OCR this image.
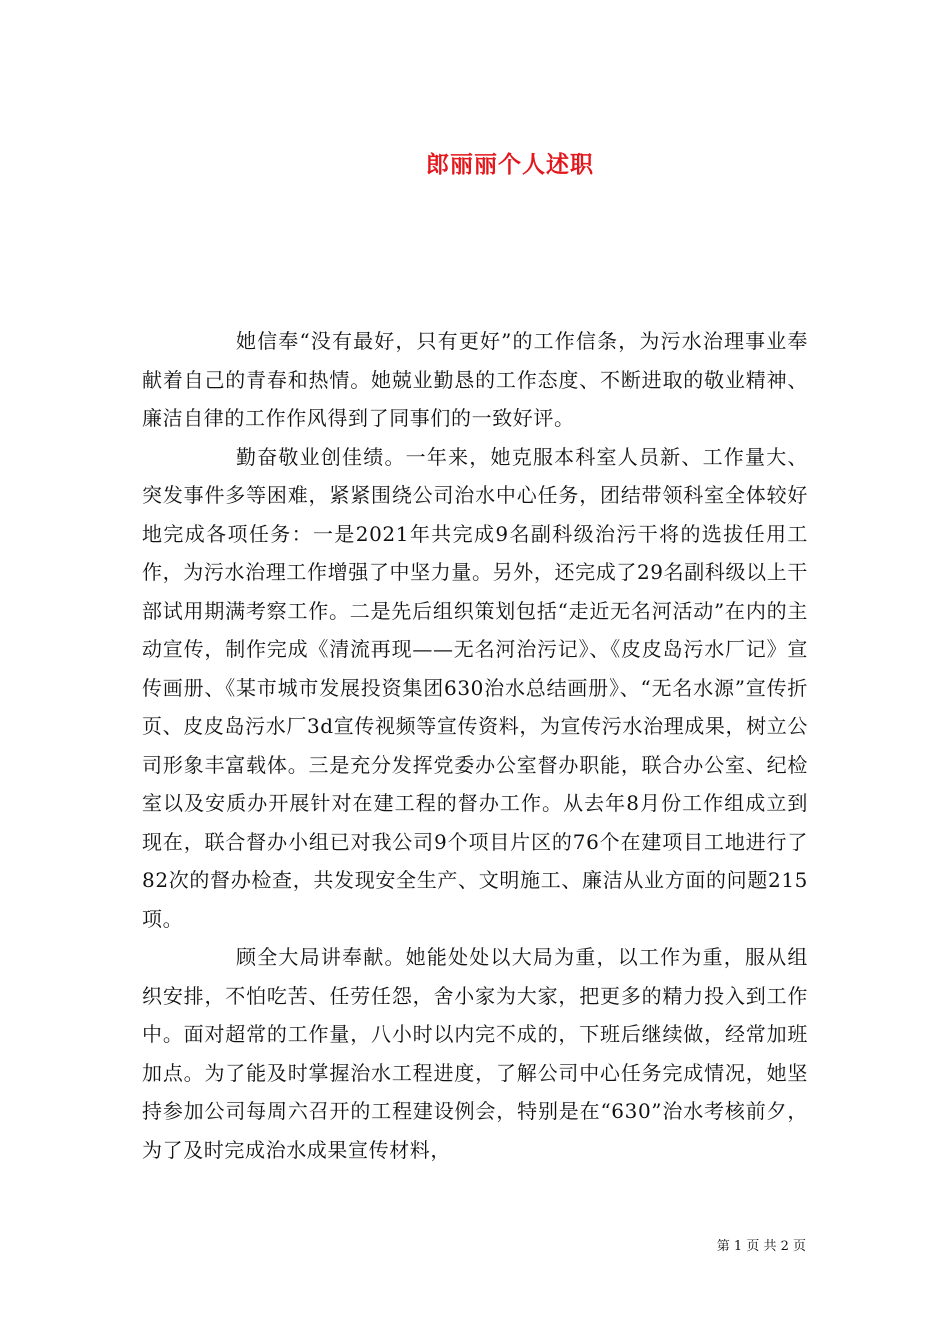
郎丽丽个人述职

她信奉“没有最好，只有更好”的工作信条，为污水治理事业奉献着自己的青春和热情。她兢业勤恳的工作态度、不断进取的敬业精神、廉洁自律的工作作风得到了同事们的一致好评。

勤奋敬业创佳绩。一年来，她克服本科室人员新、工作量大、突发事件多等困难，紧紧围绕公司治水中心任务，团结带领科室全体较好地完成各项任务：一是2021年共完成9名副科级治污干将的选拔任用工作，为污水治理工作增强了中坚力量。另外，还完成了29名副科级以上干部试用期满考察工作。二是先后组织策划包括“走近无名河活动”在内的主动宣传，制作完成《清流再现——无名河治污记》、《皮皮岛污水厂记》宣传画册、《某市城市发展投资集团630治水总结画册》、“无名水源”宣传折页、皮皮岛污水厂3d宣传视频等宣传资料，为宣传污水治理成果，树立公司形象丰富载体。三是充分发挥党委办公室督办职能，联合办公室、纪检室以及安质办开展针对在建工程的督办工作。从去年8月份工作组成立到现在，联合督办小组已对我公司9个项目片区的76个在建项目工地进行了82次的督办检查，共发现安全生产、文明施工、廉洁从业方面的问题215项。

顾全大局讲奉献。她能处处以大局为重，以工作为重，服从组织安排，不怕吃苦、任劳任怨，舍小家为大家，把更多的精力投入到工作中。面对超常的工作量，八小时以内完不成的，下班后继续做，经常加班加点。为了能及时掌握治水工程进度，了解公司中心任务完成情况，她坚持参加公司每周六召开的工程建设例会，特别是在“630”治水考核前夕，为了及时完成治水成果宣传材料，

第 1 页 共 2 页
